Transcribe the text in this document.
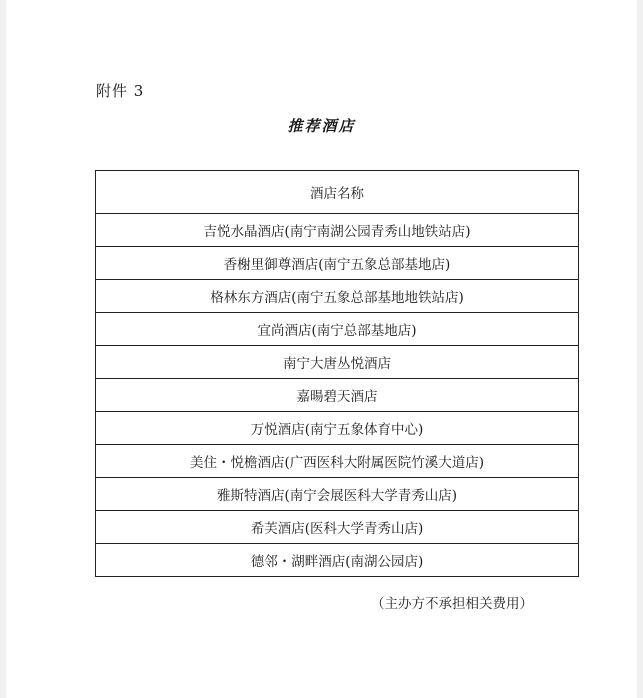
附件 3
推荐酒店
酒店名称
吉悦水晶酒店(南宁南湖公园青秀山地铁站店)
香榭里御尊酒店(南宁五象总部基地店)
格林东方酒店(南宁五象总部基地地铁站店)
宜尚酒店(南宁总部基地店)
南宁大唐丛悦酒店
嘉暘碧天酒店
万悦酒店(南宁五象体育中心)
美住・悦檐酒店(广西医科大附属医院竹溪大道店)
雅斯特酒店(南宁会展医科大学青秀山店)
希芙酒店(医科大学青秀山店)
德邻・湖畔酒店(南湖公园店)
（主办方不承担相关费用）
